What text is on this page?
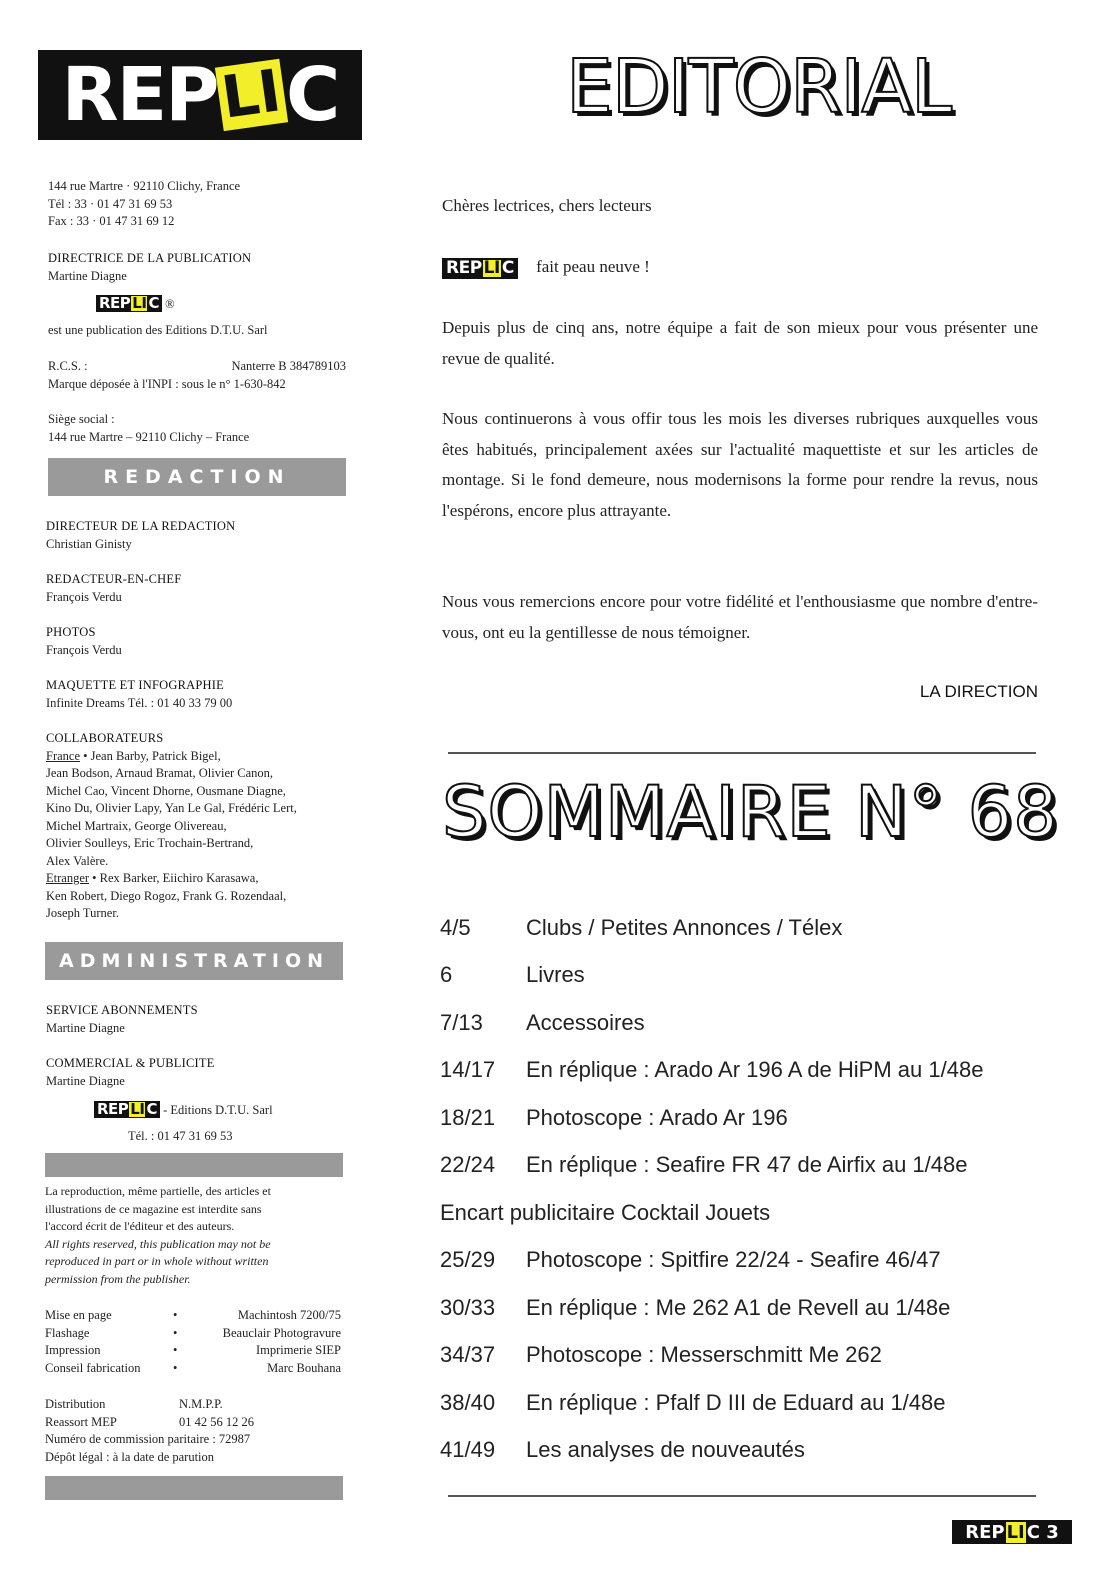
REP LI C
144 rue Martre · 92110 Clichy, France
Tél : 33 · 01 47 31 69 53
Fax : 33 · 01 47 31 69 12
DIRECTRICE DE LA PUBLICATION
Martine Diagne
REP LI C ®
est une publication des Editions D.T.U. Sarl
R.C.S. :	Nanterre B 384789103
Marque déposée à l'INPI : sous le n° 1-630-842
Siège social :
144 rue Martre – 92110 Clichy – France
REDACTION
DIRECTEUR DE LA REDACTION
Christian Ginisty
REDACTEUR-EN-CHEF
François Verdu
PHOTOS
François Verdu
MAQUETTE ET INFOGRAPHIE
Infinite Dreams Tél. : 01 40 33 79 00
COLLABORATEURS
France • Jean Barby, Patrick Bigel,
Jean Bodson, Arnaud Bramat, Olivier Canon,
Michel Cao, Vincent Dhorne, Ousmane Diagne,
Kino Du, Olivier Lapy, Yan Le Gal, Frédéric Lert,
Michel Martraix, George Olivereau,
Olivier Soulleys, Eric Trochain-Bertrand,
Alex Valère.
Etranger • Rex Barker, Eiichiro Karasawa,
Ken Robert, Diego Rogoz, Frank G. Rozendaal,
Joseph Turner.
ADMINISTRATION
SERVICE ABONNEMENTS
Martine Diagne
COMMERCIAL & PUBLICITE
Martine Diagne
REP LI C - Editions D.T.U. Sarl
Tél. : 01 47 31 69 53
La reproduction, même partielle, des articles et
illustrations de ce magazine est interdite sans
l'accord écrit de l'éditeur et des auteurs.
All rights reserved, this publication may not be
reproduced in part or in whole without written
permission from the publisher.
Mise en page	•	Machintosh 7200/75
Flashage	•	Beauclair Photogravure
Impression	•	Imprimerie SIEP
Conseil fabrication	•	Marc Bouhana
Distribution	N.M.P.P.
Reassort MEP	01 42 56 12 26
Numéro de commission paritaire : 72987
Dépôt légal : à la date de parution
EDITORIAL
Chères lectrices, chers lecteurs
REP LI C fait peau neuve !
Depuis plus de cinq ans, notre équipe a fait de son mieux pour vous présenter une revue de qualité.
Nous continuerons à vous offir tous les mois les diverses rubriques auxquelles vous êtes habitués, principalement axées sur l'actualité maquettiste et sur les articles de montage. Si le fond demeure, nous modernisons la forme pour rendre la revus, nous l'espérons, encore plus attrayante.
Nous vous remercions encore pour votre fidélité et l'enthousiasme que nombre d'entre-vous, ont eu la gentillesse de nous témoigner.
LA DIRECTION
SOMMAIRE N° 68
4/5	Clubs / Petites Annonces / Télex
6	Livres
7/13	Accessoires
14/17	En réplique : Arado Ar 196 A de HiPM au 1/48e
18/21	Photoscope : Arado Ar 196
22/24	En réplique : Seafire FR 47 de Airfix au 1/48e
Encart publicitaire Cocktail Jouets
25/29	Photoscope : Spitfire 22/24 - Seafire 46/47
30/33	En réplique : Me 262 A1 de Revell au 1/48e
34/37	Photoscope : Messerschmitt Me 262
38/40	En réplique : Pfalf D III de Eduard au 1/48e
41/49	Les analyses de nouveautés
REP LI C
3
